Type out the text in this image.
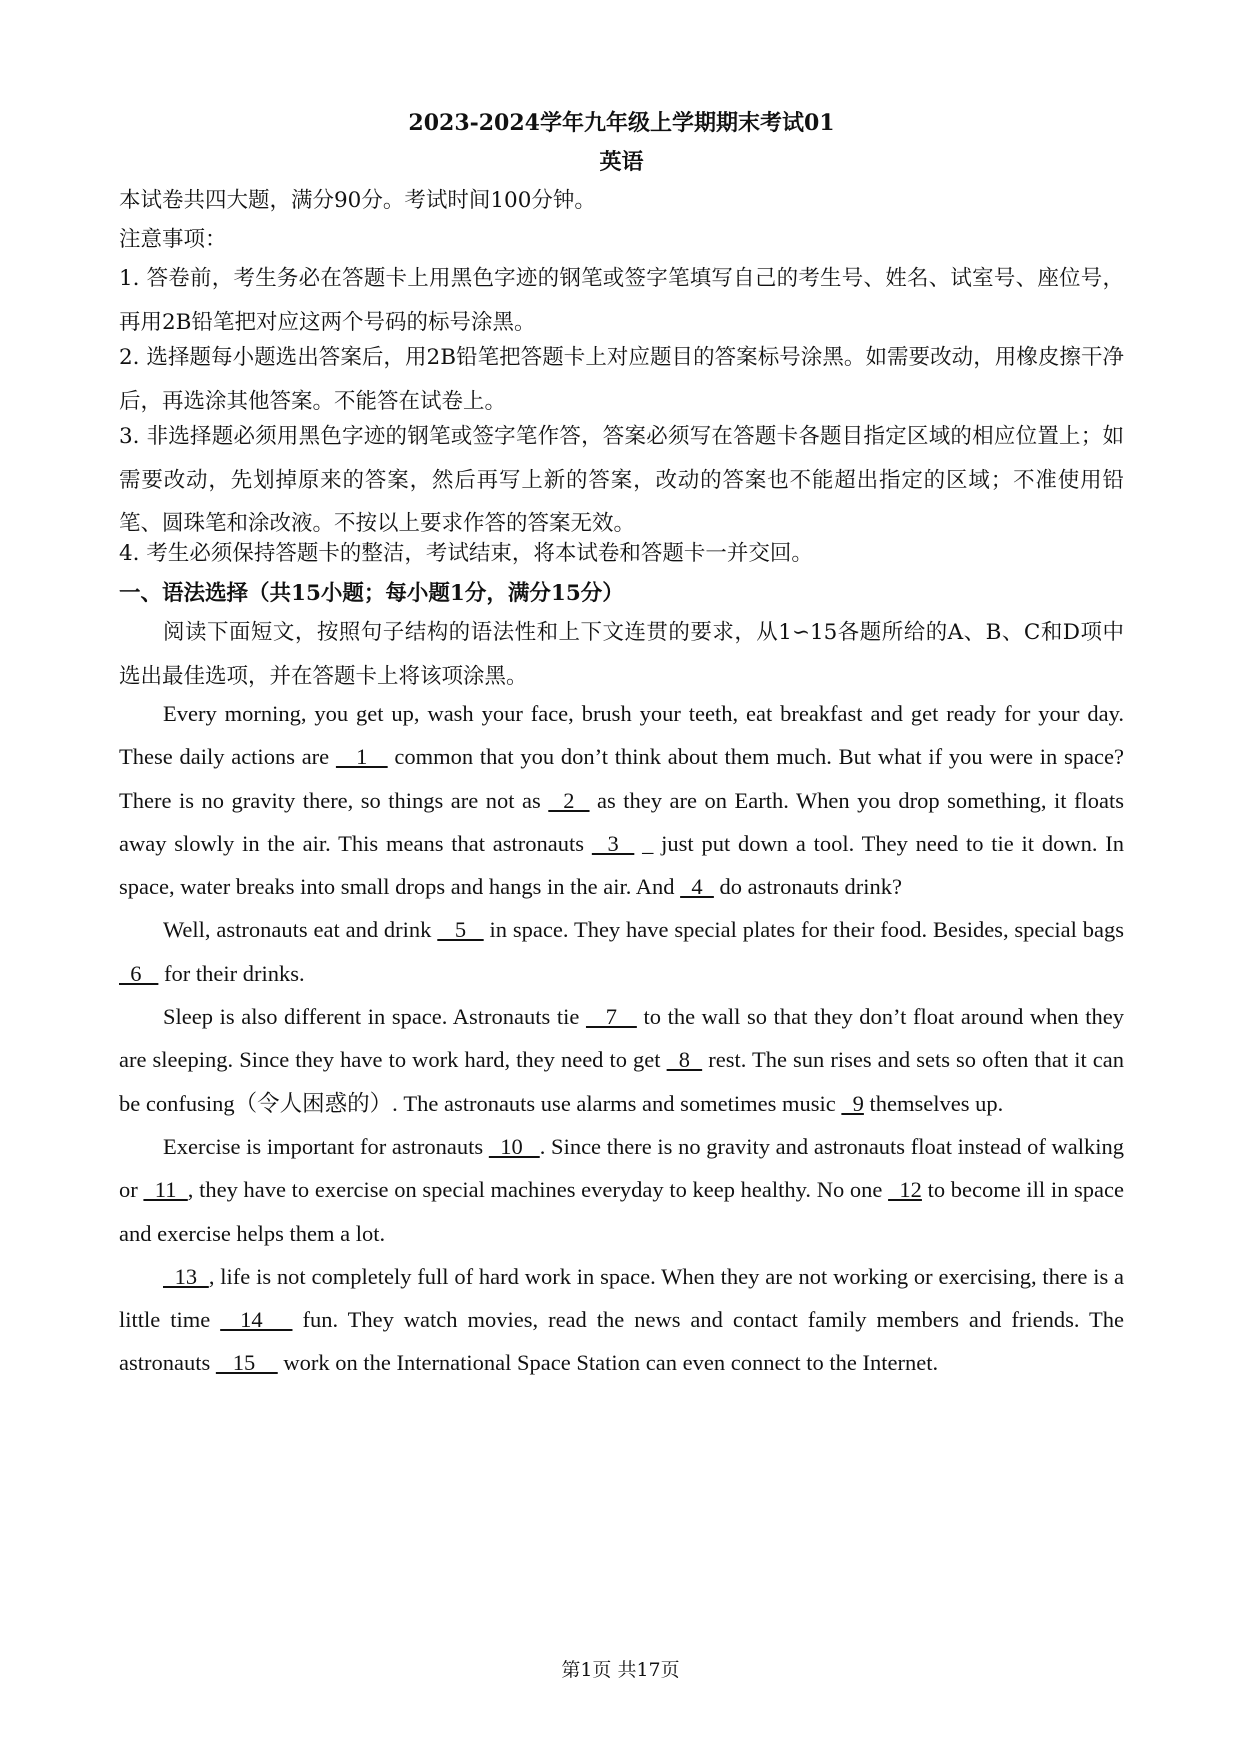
2023-2024学年九年级上学期期末考试01
英语
本试卷共四大题，满分90分。考试时间100分钟。
注意事项：
1. 答卷前，考生务必在答题卡上用黑色字迹的钢笔或签字笔填写自己的考生号、姓名、试室号、座位号，再用2B铅笔把对应这两个号码的标号涂黑。
2. 选择题每小题选出答案后，用2B铅笔把答题卡上对应题目的答案标号涂黑。如需要改动，用橡皮擦干净后，再选涂其他答案。不能答在试卷上。
3. 非选择题必须用黑色字迹的钢笔或签字笔作答，答案必须写在答题卡各题目指定区域的相应位置上；如需要改动，先划掉原来的答案，然后再写上新的答案，改动的答案也不能超出指定的区域；不准使用铅笔、圆珠笔和涂改液。不按以上要求作答的答案无效。
4. 考生必须保持答题卡的整洁，考试结束，将本试卷和答题卡一并交回。
一、语法选择（共15小题；每小题1分，满分15分）
阅读下面短文，按照句子结构的语法性和上下文连贯的要求，从1∽15各题所给的A、B、C和D项中选出最佳选项，并在答题卡上将该项涂黑。

Every morning, you get up, wash your face, brush your teeth, eat breakfast and get ready for your day. These daily actions are    1    common that you don’t think about them much. But what if you were in space? There is no gravity there, so things are not as   2   as they are on Earth. When you drop something, it floats away slowly in the air. This means that astronauts   3   _ just put down a tool. They need to tie it down. In space, water breaks into small drops and hangs in the air. And   4   do astronauts drink?

Well, astronauts eat and drink    5    in space. They have special plates for their food. Besides, special bags   6    for their drinks.

Sleep is also different in space. Astronauts tie    7    to the wall so that they don’t float around when they are sleeping. Since they have to work hard, they need to get   8   rest. The sun rises and sets so often that it can be confusing（令人困惑的）. The astronauts use alarms and sometimes music   9 themselves up.

Exercise is important for astronauts   10   . Since there is no gravity and astronauts float instead of walking or   11  , they have to exercise on special machines everyday to keep healthy. No one   12 to become ill in space and exercise helps them a lot.

13  , life is not completely full of hard work in space. When they are not working or exercising, there is a little time   14    fun. They watch movies, read the news and contact family members and friends. The astronauts    15     work on the International Space Station can even connect to the Internet.

第1页 共17页
